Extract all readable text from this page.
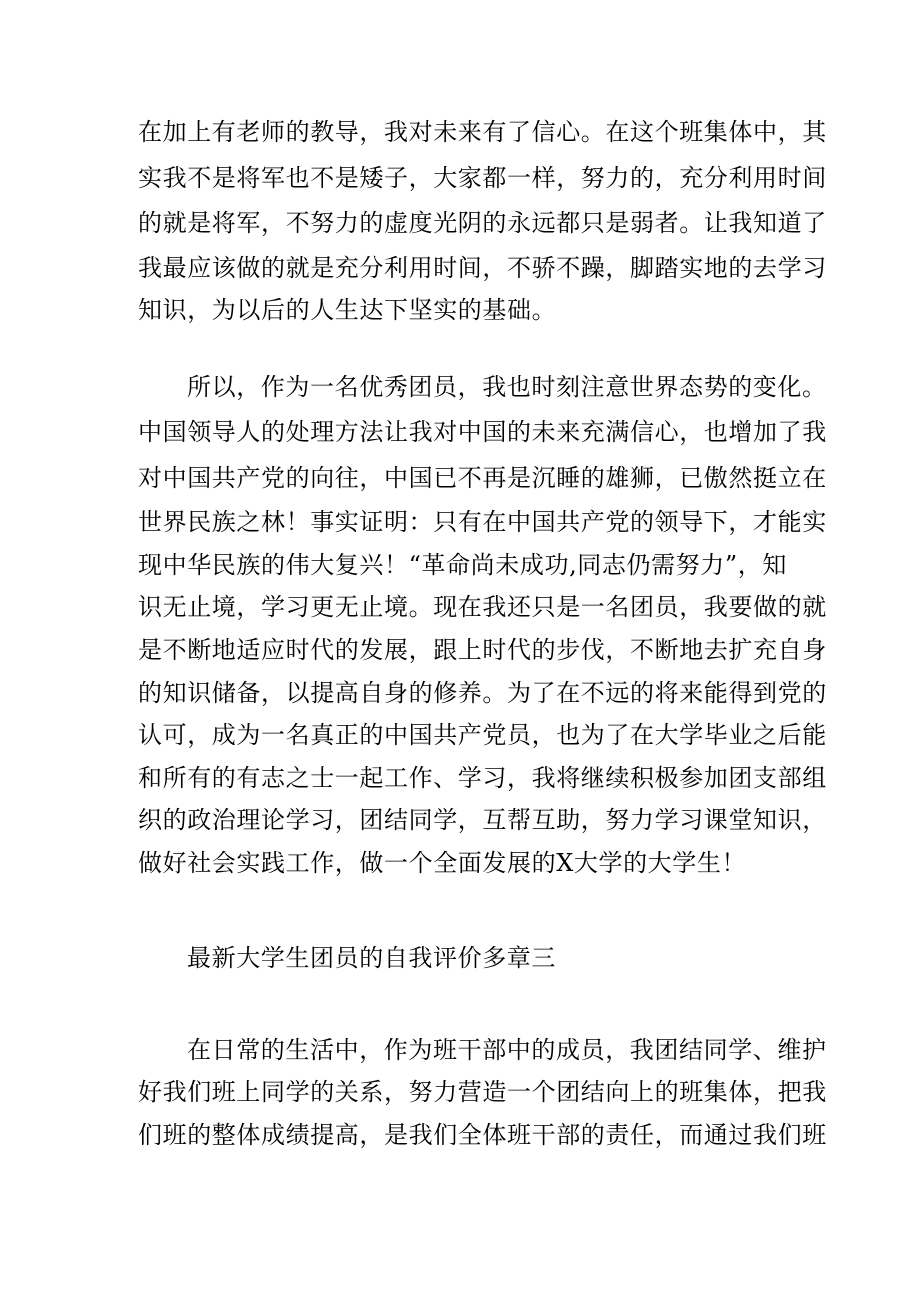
在加上有老师的教导，我对未来有了信心。在这个班集体中，其
实我不是将军也不是矮子，大家都一样，努力的，充分利用时间
的就是将军，不努力的虚度光阴的永远都只是弱者。让我知道了
我最应该做的就是充分利用时间，不骄不躁，脚踏实地的去学习
知识，为以后的人生达下坚实的基础。
所以，作为一名优秀团员，我也时刻注意世界态势的变化。
中国领导人的处理方法让我对中国的未来充满信心，也增加了我
对中国共产党的向往，中国已不再是沉睡的雄狮，已傲然挺立在
世界民族之林！事实证明：只有在中国共产党的领导下，才能实
现中华民族的伟大复兴！“革命尚未成功,同志仍需努力”，知
识无止境，学习更无止境。现在我还只是一名团员，我要做的就
是不断地适应时代的发展，跟上时代的步伐，不断地去扩充自身
的知识储备，以提高自身的修养。为了在不远的将来能得到党的
认可，成为一名真正的中国共产党员，也为了在大学毕业之后能
和所有的有志之士一起工作、学习，我将继续积极参加团支部组
织的政治理论学习，团结同学，互帮互助，努力学习课堂知识，
做好社会实践工作，做一个全面发展的X大学的大学生！
最新大学生团员的自我评价多章三
在日常的生活中，作为班干部中的成员，我团结同学、维护
好我们班上同学的关系，努力营造一个团结向上的班集体，把我
们班的整体成绩提高，是我们全体班干部的责任，而通过我们班
